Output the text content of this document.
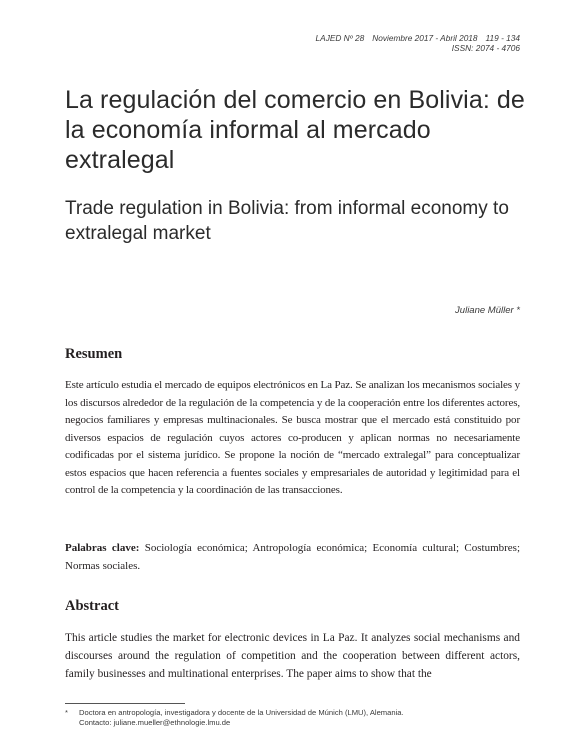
LAJED Nº 28 Noviembre 2017 - Abril 2018 119 - 134
ISSN: 2074 - 4706
La regulación del comercio en Bolivia: de la economía informal al mercado extralegal
Trade regulation in Bolivia: from informal economy to extralegal market
Juliane Müller *
Resumen

Este artículo estudia el mercado de equipos electrónicos en La Paz. Se analizan los mecanismos sociales y los discursos alrededor de la regulación de la competencia y de la cooperación entre los diferentes actores, negocios familiares y empresas multinacionales. Se busca mostrar que el mercado está constituido por diversos espacios de regulación cuyos actores co-producen y aplican normas no necesariamente codificadas por el sistema jurídico. Se propone la noción de “mercado extralegal” para conceptualizar estos espacios que hacen referencia a fuentes sociales y empresariales de autoridad y legitimidad para el control de la competencia y la coordinación de las transacciones.

Palabras clave: Sociología económica; Antropología económica; Economía cultural; Costumbres; Normas sociales.

Abstract

This article studies the market for electronic devices in La Paz. It analyzes social mechanisms and discourses around the regulation of competition and the cooperation between different actors, family businesses and multinational enterprises. The paper aims to show that the

* Doctora en antropología, investigadora y docente de la Universidad de Múnich (LMU), Alemania.
Contacto: juliane.mueller@ethnologie.lmu.de
